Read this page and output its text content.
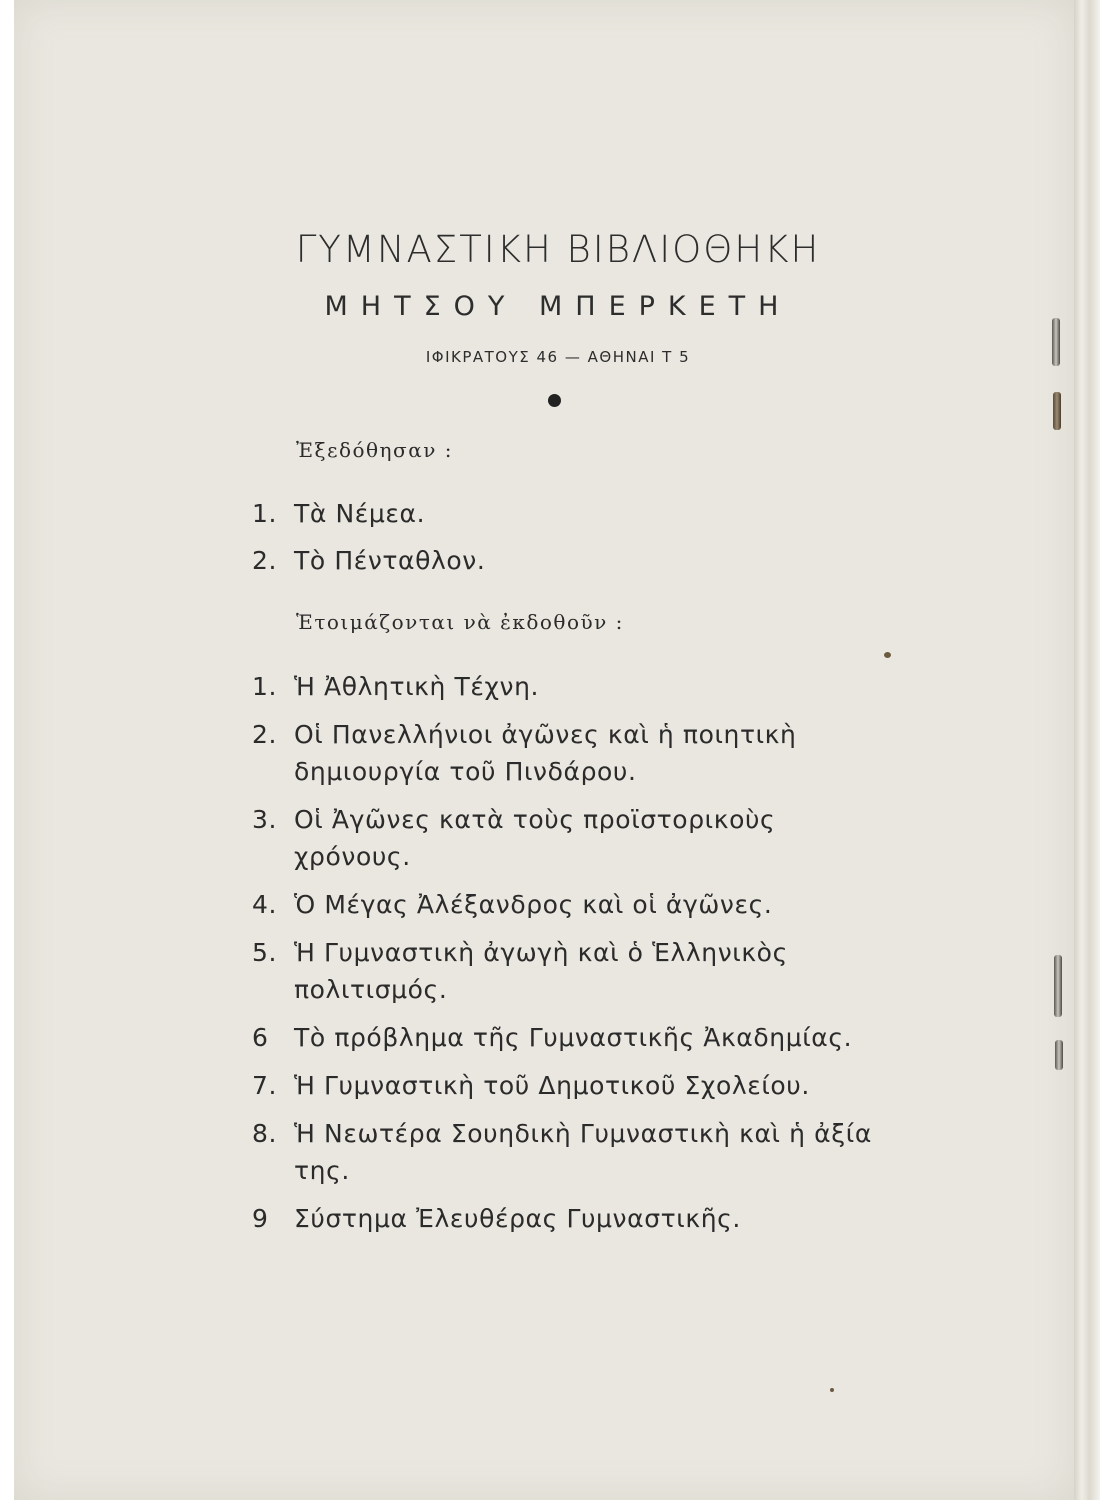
ΓΥΜΝΑΣΤΙΚΗ ΒΙΒΛΙΟΘΗΚΗ
ΜΗΤΣΟΥ ΜΠΕΡΚΕΤΗ
ΙΦΙΚΡΑΤΟΥΣ 46 — ΑΘΗΝΑΙ Τ 5
Ἐξεδόθησαν :
1. Τὰ Νέμεα.
2. Τὸ Πένταθλον.
Ἑτοιμάζονται νὰ ἐκδοθοῦν :
1. Ἡ Ἀθλητικὴ Τέχνη.
2. Οἱ Πανελλήνιοι ἀγῶνες καὶ ἡ ποιητικὴ δημιουργία τοῦ Πινδάρου.
3. Οἱ Ἀγῶνες κατὰ τοὺς προϊστορικοὺς χρόνους.
4. Ὁ Μέγας Ἀλέξανδρος καὶ οἱ ἀγῶνες.
5. Ἡ Γυμναστικὴ ἀγωγὴ καὶ ὁ Ἑλληνικὸς πολιτισμός.
6 Τὸ πρόβλημα τῆς Γυμναστικῆς Ἀκαδημίας.
7. Ἡ Γυμναστικὴ τοῦ Δημοτικοῦ Σχολείου.
8. Ἡ Νεωτέρα Σουηδικὴ Γυμναστικὴ καὶ ἡ ἀξία της.
9 Σύστημα Ἐλευθέρας Γυμναστικῆς.
